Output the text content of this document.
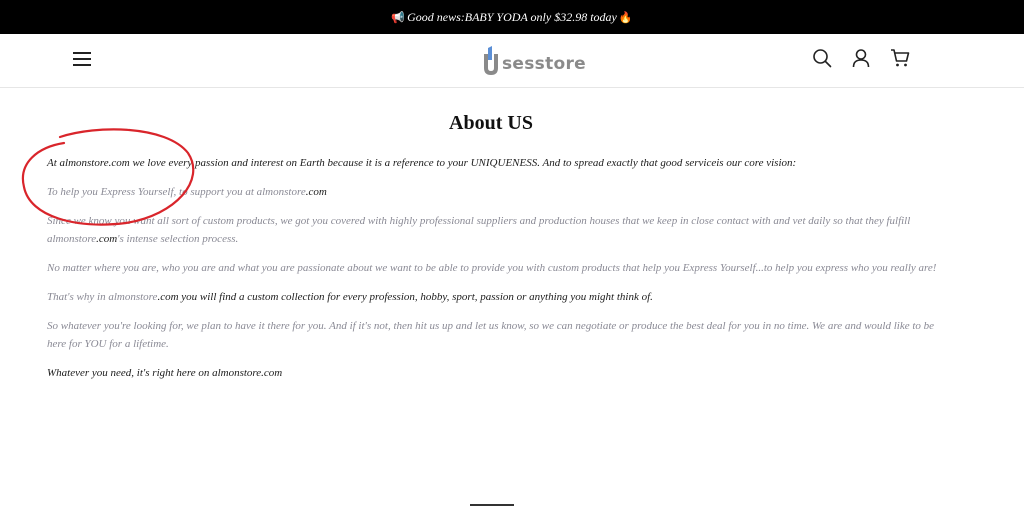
📢 Good news:BABY YODA only $32.98 today 🔥
sesstore
About US

At almonstore.com we love every passion and interest on Earth because it is a reference to your UNIQUENESS. And to spread exactly that good serviceis our core vision:

To help you Express Yourself, to support you at almonstore.com

Since we know you want all sort of custom products, we got you covered with highly professional suppliers and production houses that we keep in close contact with and vet daily so that they fulfill almonstore.com's intense selection process.

No matter where you are, who you are and what you are passionate about we want to be able to provide you with custom products that help you Express Yourself...to help you express who you really are!

That's why in almonstore.com you will find a custom collection for every profession, hobby, sport, passion or anything you might think of.

So whatever you're looking for, we plan to have it there for you. And if it's not, then hit us up and let us know, so we can negotiate or produce the best deal for you in no time. We are and would like to be here for YOU for a lifetime.

Whatever you need, it's right here on almonstore.com
